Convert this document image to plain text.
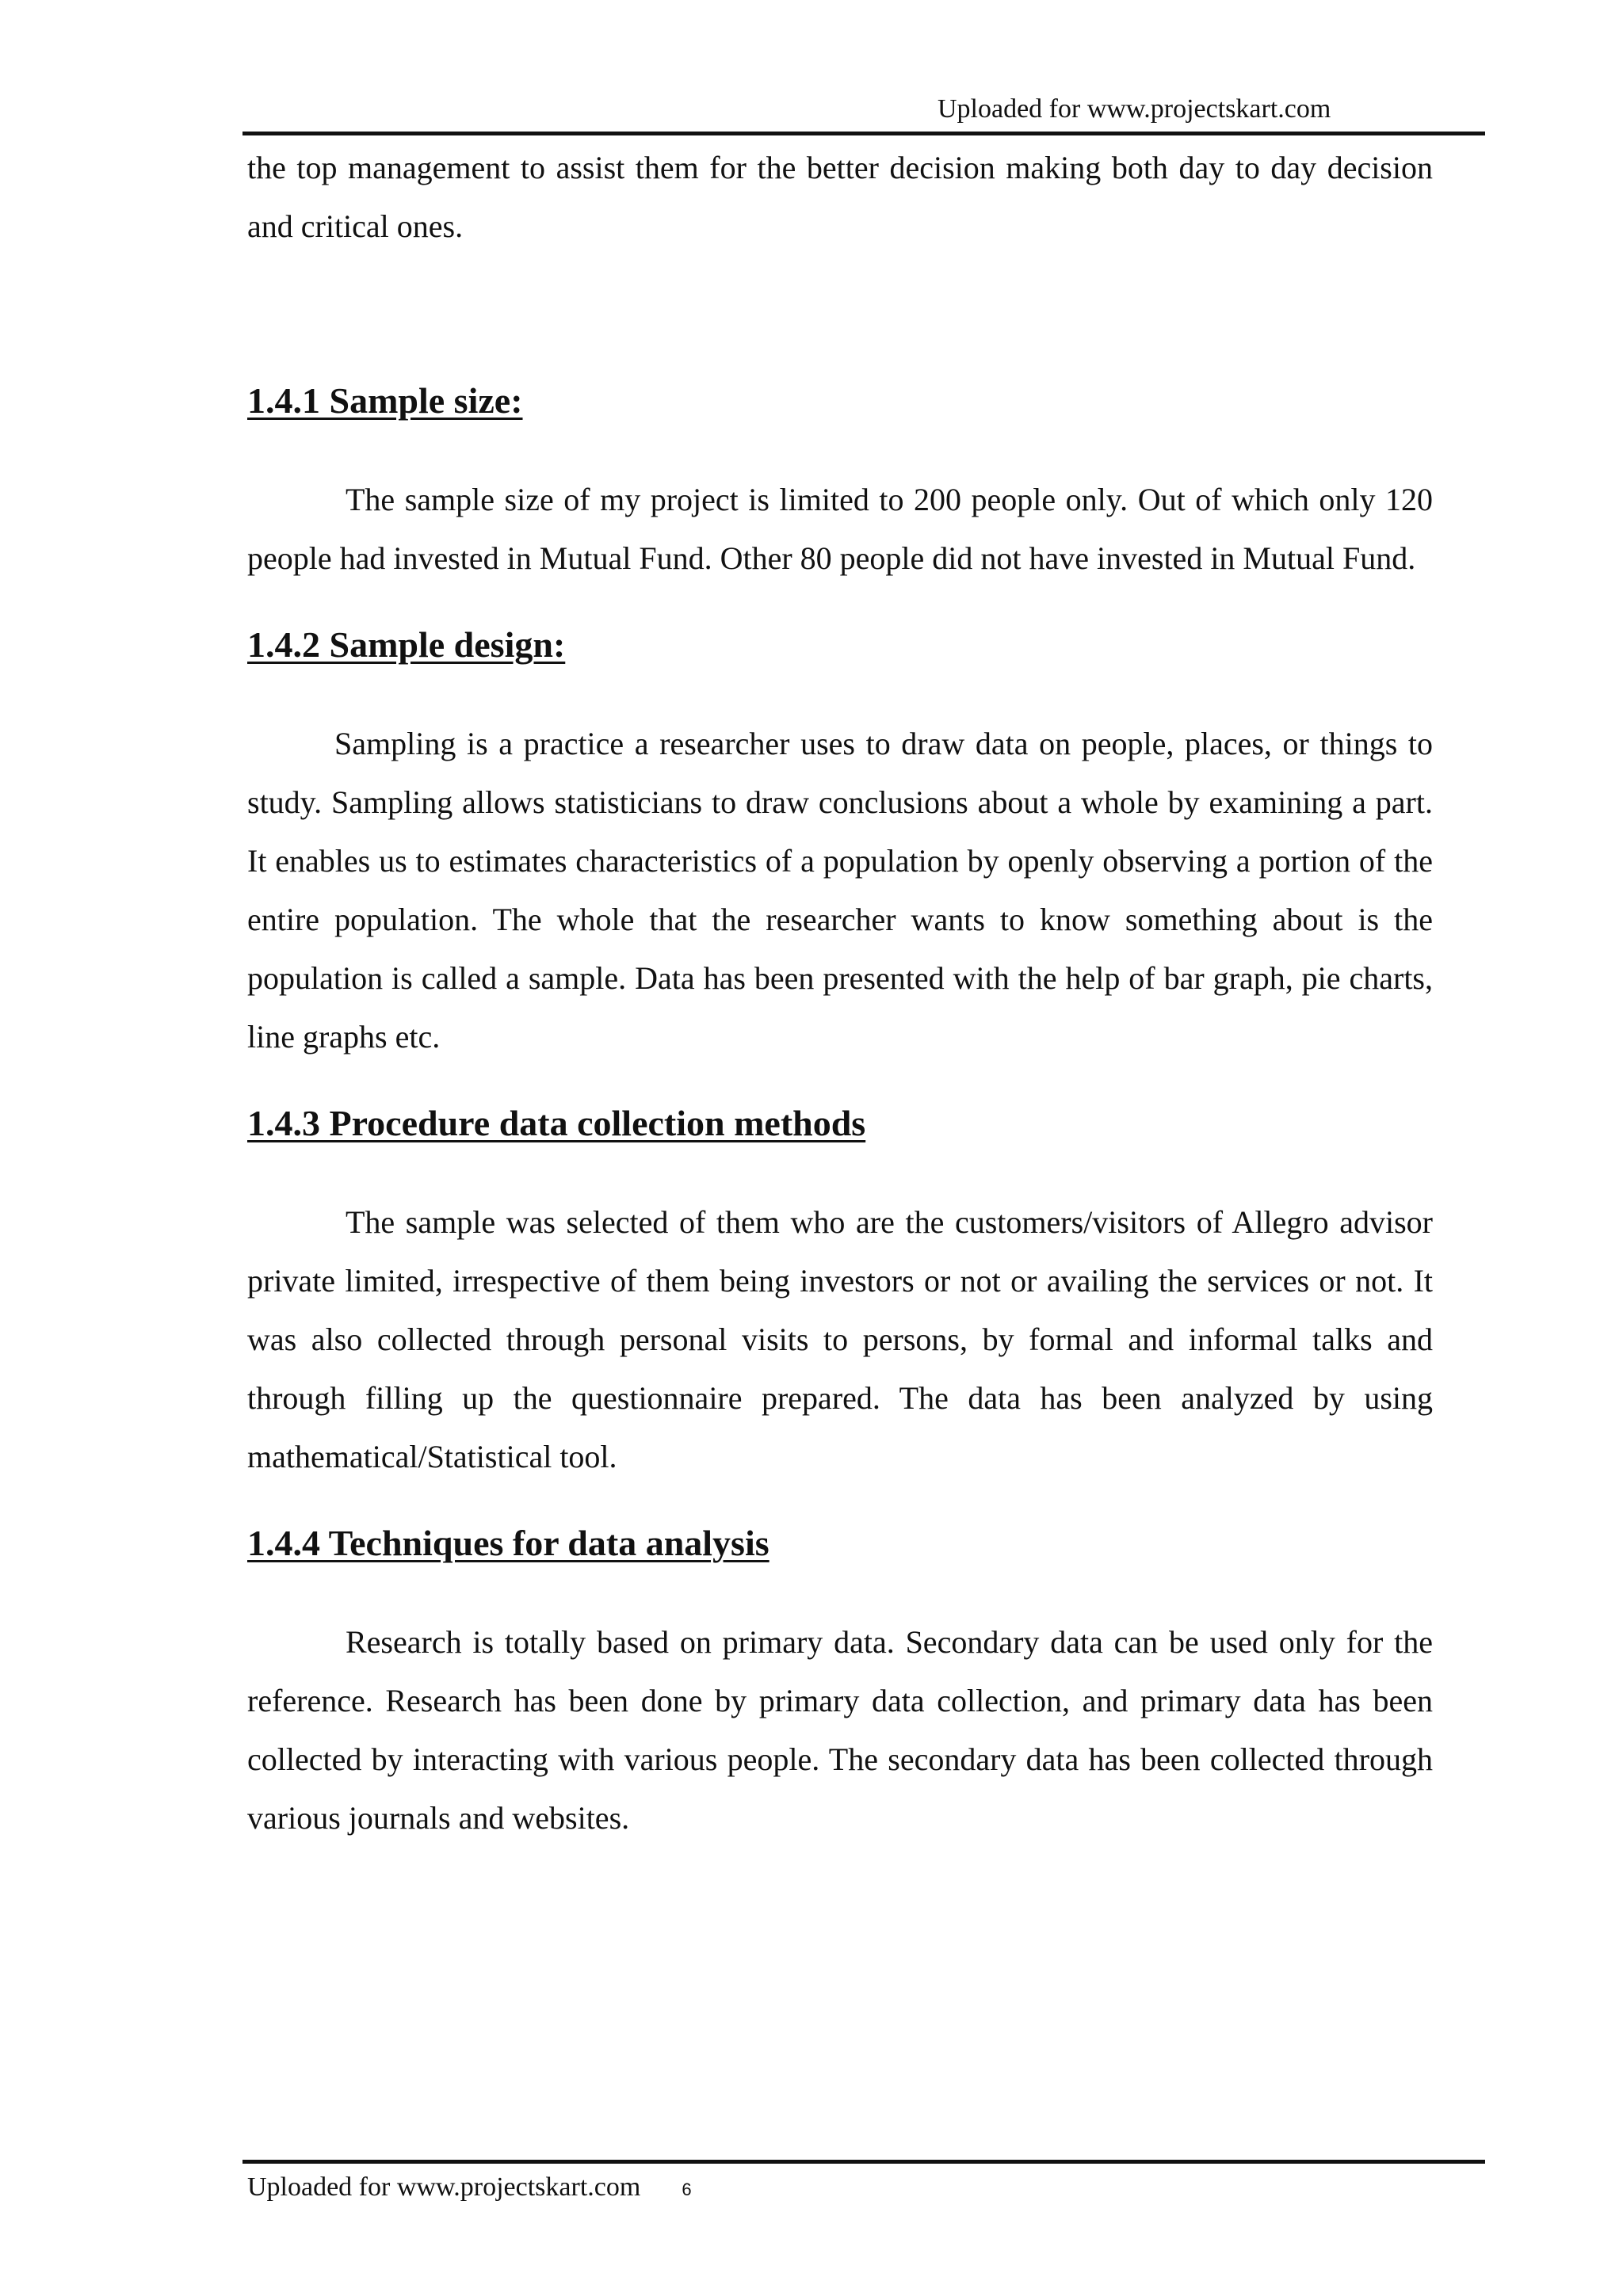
Uploaded for www.projectskart.com

the top management to assist them for the better decision making both day to day decision and critical ones.

1.4.1 Sample size:

The sample size of my project is limited to 200 people only. Out of which only 120 people had invested in Mutual Fund. Other 80 people did not have invested in Mutual Fund.

1.4.2 Sample design:

Sampling is a practice a researcher uses to draw data on people, places, or things to study. Sampling allows statisticians to draw conclusions about a whole by examining a part. It enables us to estimates characteristics of a population by openly observing a portion of the entire population. The whole that the researcher wants to know something about is the population is called a sample. Data has been presented with the help of bar graph, pie charts, line graphs etc.

1.4.3 Procedure data collection methods

The sample was selected of them who are the customers/visitors of Allegro advisor private limited, irrespective of them being investors or not or availing the services or not. It was also collected through personal visits to persons, by formal and informal talks and through filling up the questionnaire prepared. The data has been analyzed by using mathematical/Statistical tool.

1.4.4 Techniques for data analysis

Research is totally based on primary data. Secondary data can be used only for the reference. Research has been done by primary data collection, and primary data has been collected by interacting with various people. The secondary data has been collected through various journals and websites.

Uploaded for www.projectskart.com 6
